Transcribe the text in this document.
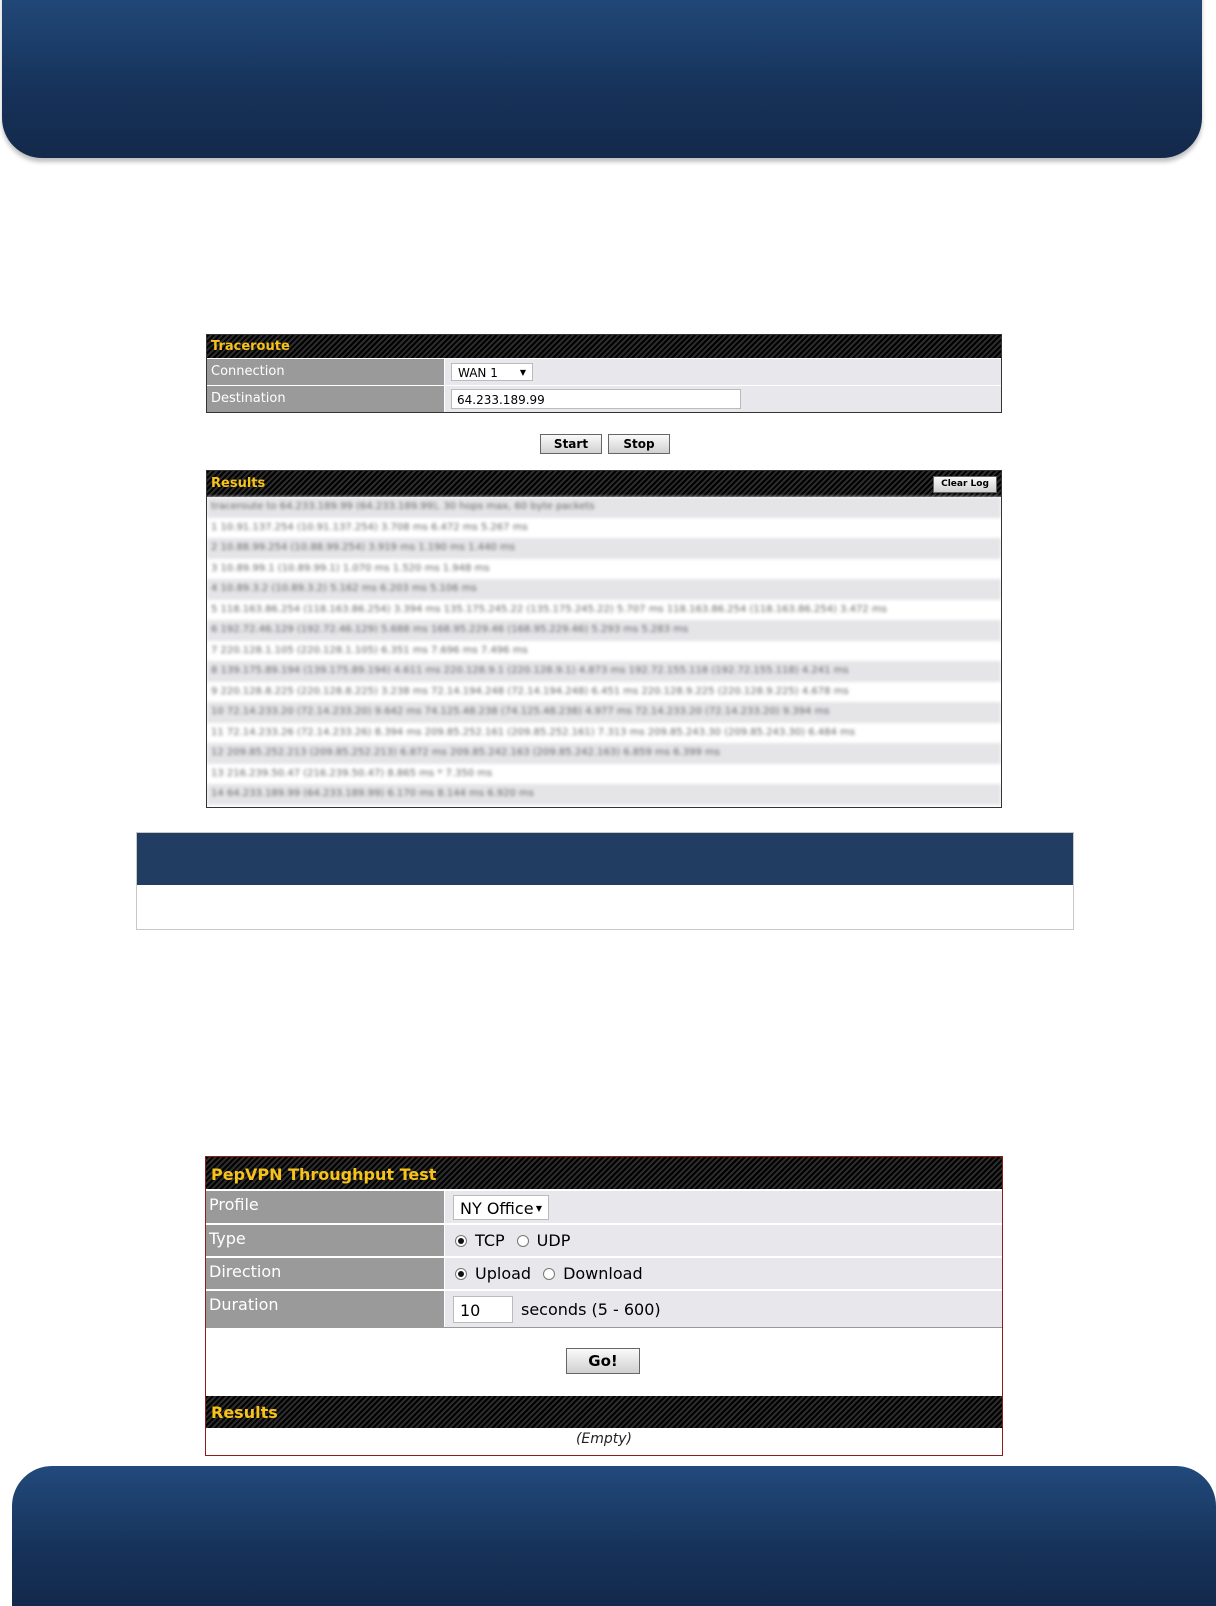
Traceroute
Connection	WAN 1	▼
Destination	64.233.189.99
Start	Stop
Results	Clear Log
traceroute to 64.233.189.99 (64.233.189.99), 30 hops max, 60 byte packets
1 10.91.137.254 (10.91.137.254) 3.708 ms 6.472 ms 5.267 ms
2 10.88.99.254 (10.88.99.254) 3.919 ms 1.190 ms 1.440 ms
3 10.89.99.1 (10.89.99.1) 1.070 ms 1.520 ms 1.948 ms
4 10.89.3.2 (10.89.3.2) 5.162 ms 6.203 ms 5.106 ms
5 118.163.86.254 (118.163.86.254) 3.394 ms 135.175.245.22 (135.175.245.22) 5.707 ms 118.163.86.254 (118.163.86.254) 3.472 ms
6 192.72.46.129 (192.72.46.129) 5.688 ms 168.95.229.46 (168.95.229.46) 5.293 ms 5.283 ms
7 220.128.1.105 (220.128.1.105) 6.351 ms 7.696 ms 7.496 ms
8 139.175.89.194 (139.175.89.194) 4.611 ms 220.128.9.1 (220.128.9.1) 4.873 ms 192.72.155.118 (192.72.155.118) 4.241 ms
9 220.128.8.225 (220.128.8.225) 3.238 ms 72.14.194.248 (72.14.194.248) 6.451 ms 220.128.9.225 (220.128.9.225) 4.678 ms
10 72.14.233.20 (72.14.233.20) 9.642 ms 74.125.48.238 (74.125.48.238) 4.977 ms 72.14.233.20 (72.14.233.20) 9.394 ms
11 72.14.233.26 (72.14.233.26) 8.394 ms 209.85.252.161 (209.85.252.161) 7.313 ms 209.85.243.30 (209.85.243.30) 6.484 ms
12 209.85.252.213 (209.85.252.213) 6.872 ms 209.85.242.163 (209.85.242.163) 6.859 ms 6.399 ms
13 216.239.50.47 (216.239.50.47) 8.865 ms * 7.350 ms
14 64.233.189.99 (64.233.189.99) 6.170 ms 8.144 ms 6.920 ms
PepVPN Throughput Test
Profile	NY Office ▼
Type	TCP UDP
Direction	Upload Download
Duration	10	seconds (5 - 600)
Go!
Results
(Empty)
